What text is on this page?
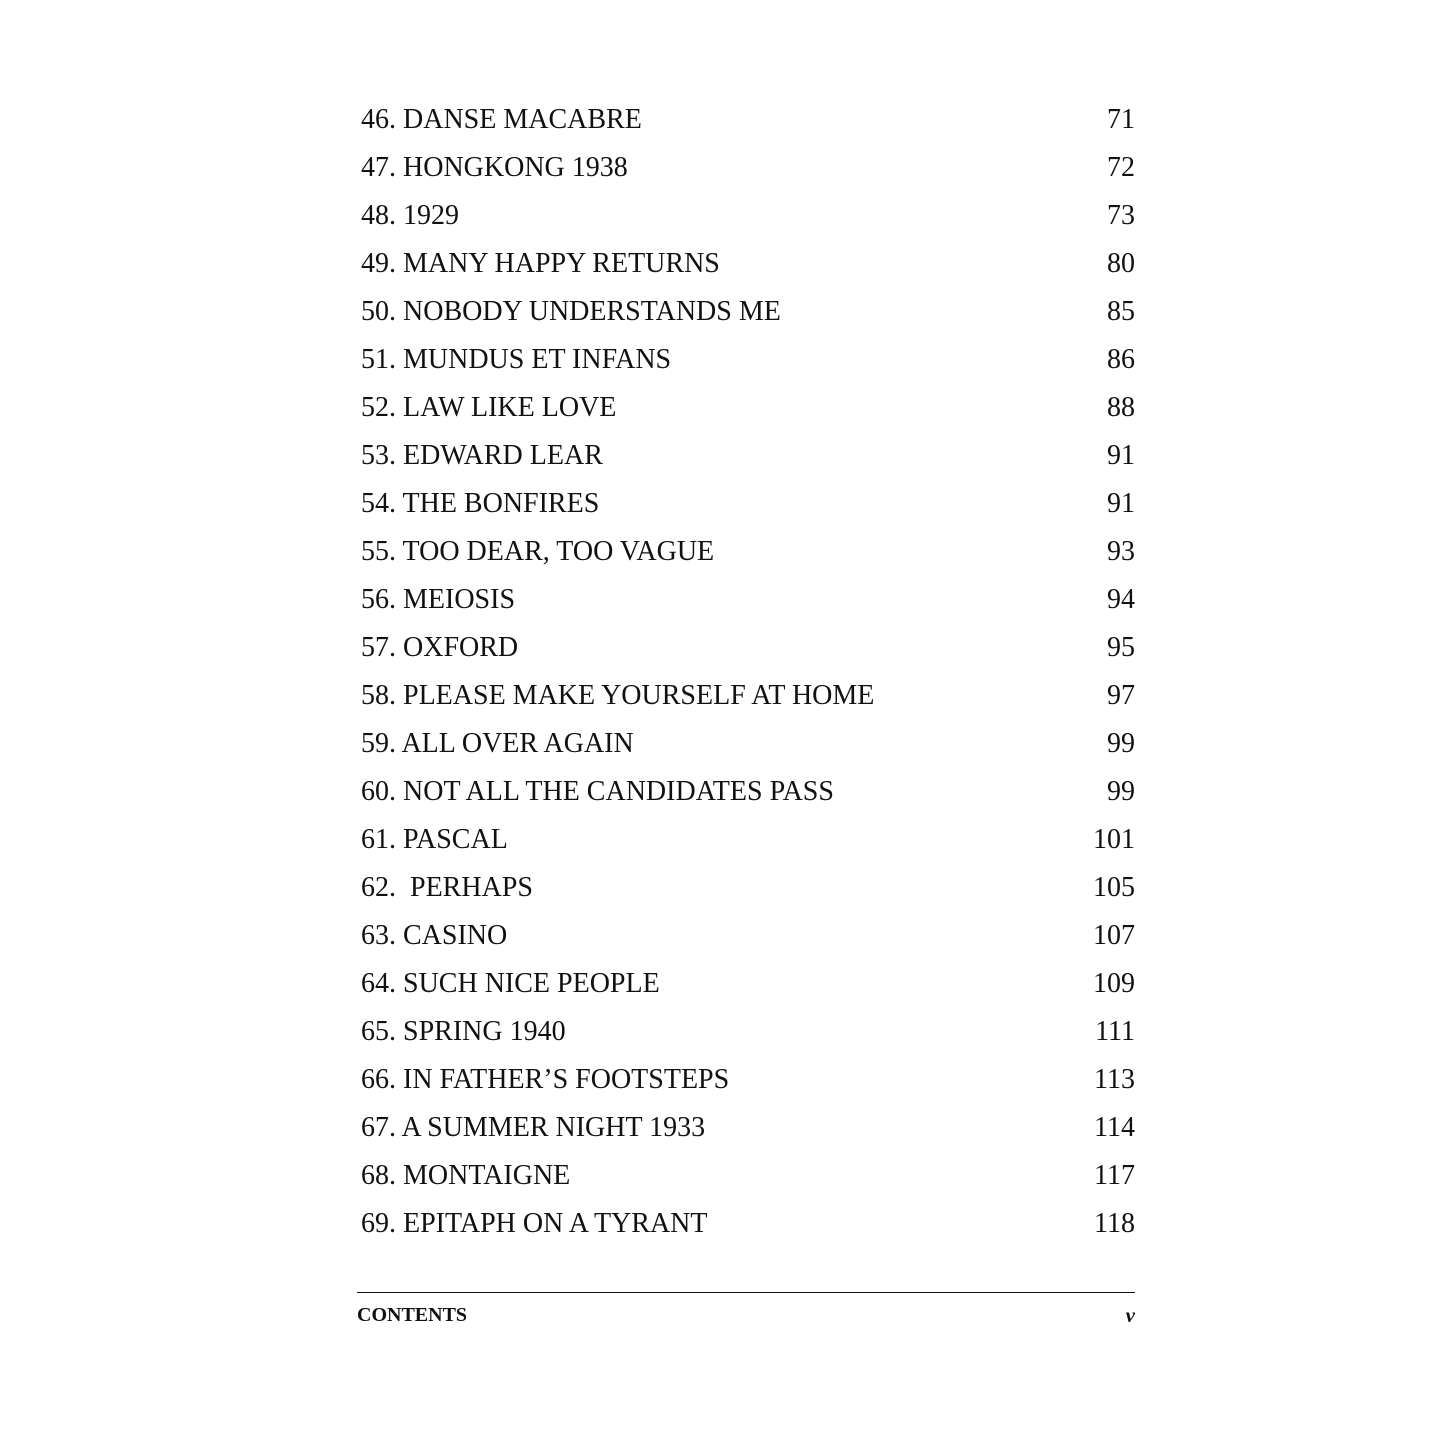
46. DANSE MACABRE	71
47. HONGKONG 1938	72
48. 1929	73
49. MANY HAPPY RETURNS	80
50. NOBODY UNDERSTANDS ME	85
51. MUNDUS ET INFANS	86
52. LAW LIKE LOVE	88
53. EDWARD LEAR	91
54. THE BONFIRES	91
55. TOO DEAR, TOO VAGUE	93
56. MEIOSIS	94
57. OXFORD	95
58. PLEASE MAKE YOURSELF AT HOME	97
59. ALL OVER AGAIN	99
60. NOT ALL THE CANDIDATES PASS	99
61. PASCAL	101
62.  PERHAPS	105
63. CASINO	107
64. SUCH NICE PEOPLE	109
65. SPRING 1940	111
66. IN FATHER’S FOOTSTEPS	113
67. A SUMMER NIGHT 1933	114
68. MONTAIGNE	117
69. EPITAPH ON A TYRANT	118
CONTENTS	v
